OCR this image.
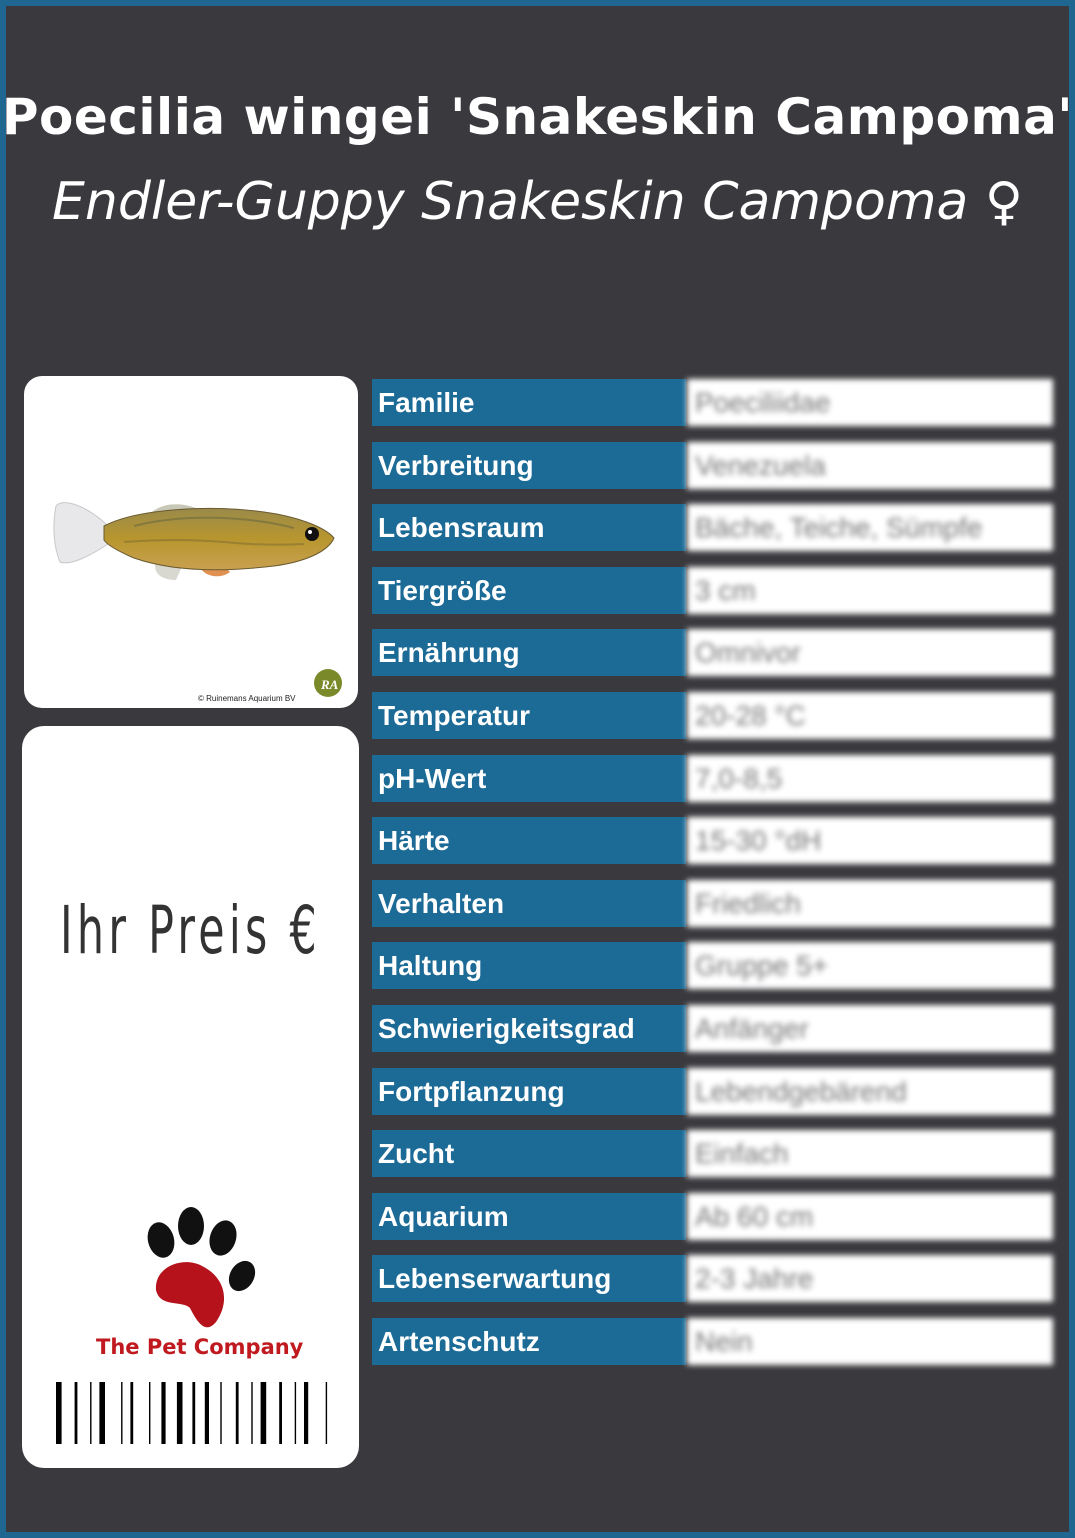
Poecilia wingei 'Snakeskin Campoma'
Endler-Guppy Snakeskin Campoma ♀
RA
© Ruinemans Aquarium BV
Ihr Preis €
The Pet Company
Familie	Poeciliidae
Verbreitung	Venezuela
Lebensraum	Bäche, Teiche, Sümpfe
Tiergröße	3 cm
Ernährung	Omnivor
Temperatur	20-28 °C
pH-Wert	7,0-8,5
Härte	15-30 °dH
Verhalten	Friedlich
Haltung	Gruppe 5+
Schwierigkeitsgrad	Anfänger
Fortpflanzung	Lebendgebärend
Zucht	Einfach
Aquarium	Ab 60 cm
Lebenserwartung	2-3 Jahre
Artenschutz	Nein
